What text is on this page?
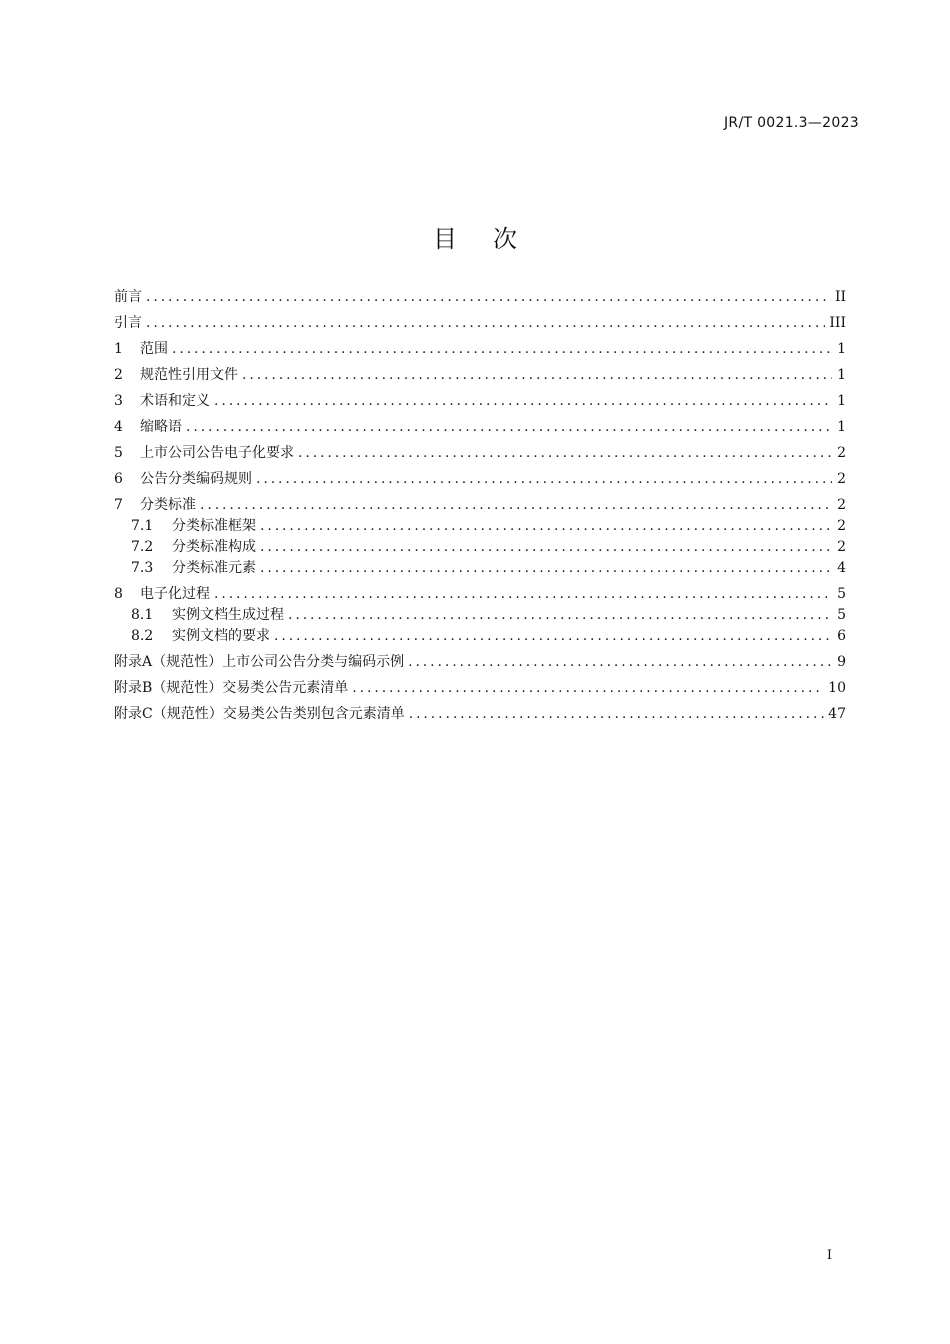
JR/T 0021.3—2023
目 次
前言 .....	II
引言 .....	III
1	范围 .....	1
2	规范性引用文件 .....	1
3	术语和定义 .....	1
4	缩略语 .....	1
5	上市公司公告电子化要求 .....	2
6	公告分类编码规则 .....	2
7	分类标准 .....	2
7.1	分类标准框架 .....	2
7.2	分类标准构成 .....	2
7.3	分类标准元素 .....	4
8	电子化过程 .....	5
8.1	实例文档生成过程 .....	5
8.2	实例文档的要求 .....	6
附录A（规范性）上市公司公告分类与编码示例 .....	9
附录B（规范性）交易类公告元素清单 .....	10
附录C（规范性）交易类公告类别包含元素清单 .....	47
I
